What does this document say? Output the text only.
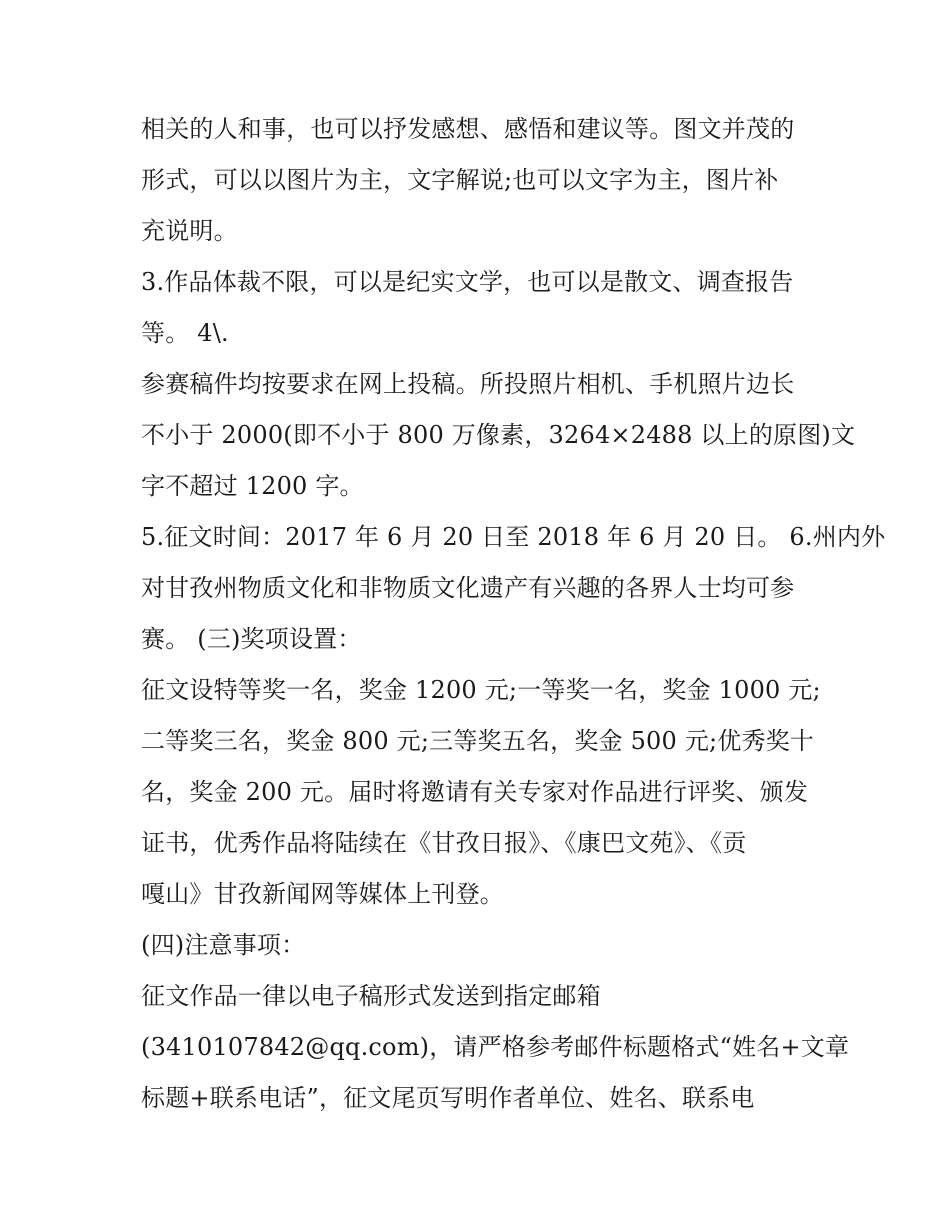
相关的人和事，也可以抒发感想、感悟和建议等。图文并茂的
形式，可以以图片为主，文字解说;也可以文字为主，图片补
充说明。
3.作品体裁不限，可以是纪实文学，也可以是散文、调查报告
等。 4\.
参赛稿件均按要求在网上投稿。所投照片相机、手机照片边长
不小于 2000(即不小于 800 万像素，3264×2488 以上的原图)文
字不超过 1200 字。
5.征文时间：2017 年 6 月 20 日至 2018 年 6 月 20 日。 6.州内外
对甘孜州物质文化和非物质文化遗产有兴趣的各界人士均可参
赛。 (三)奖项设置：
征文设特等奖一名，奖金 1200 元;一等奖一名，奖金 1000 元;
二等奖三名，奖金 800 元;三等奖五名，奖金 500 元;优秀奖十
名，奖金 200 元。届时将邀请有关专家对作品进行评奖、颁发
证书，优秀作品将陆续在《甘孜日报》、《康巴文苑》、《贡
嘎山》甘孜新闻网等媒体上刊登。
(四)注意事项：
征文作品一律以电子稿形式发送到指定邮箱
(3410107842@qq.com)，请严格参考邮件标题格式“姓名+文章
标题+联系电话”，征文尾页写明作者单位、姓名、联系电
